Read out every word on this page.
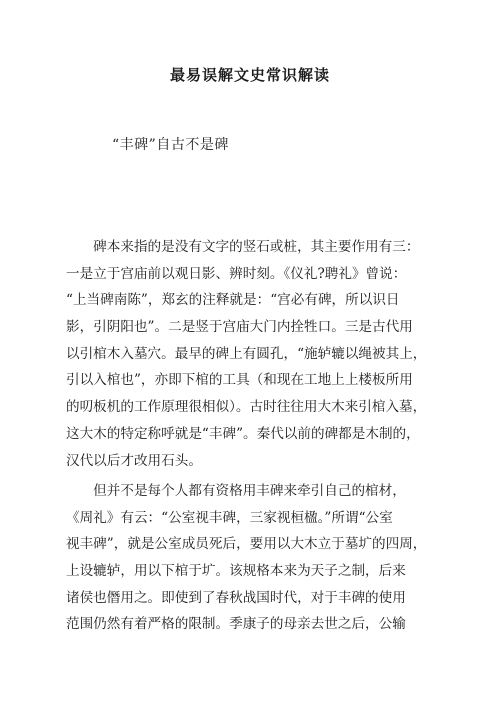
最易误解文史常识解读
“丰碑”自古不是碑
　　碑本来指的是没有文字的竖石或桩，其主要作用有三：
一是立于宫庙前以观日影、辨时刻。《仪礼?聘礼》曾说：
“上当碑南陈”，郑玄的注释就是：“宫必有碑，所以识日
影，引阴阳也”。二是竖于宫庙大门内拴牲口。三是古代用
以引棺木入墓穴。最早的碑上有圆孔，“施轳辘以绳被其上，
引以入棺也”，亦即下棺的工具（和现在工地上上楼板所用
的叨板机的工作原理很相似）。古时往往用大木来引棺入墓，
这大木的特定称呼就是“丰碑”。秦代以前的碑都是木制的，
汉代以后才改用石头。
　　但并不是每个人都有资格用丰碑来牵引自己的棺材，
《周礼》有云：“公室视丰碑，三家视桓楹。”所谓“公室
视丰碑”，就是公室成员死后，要用以大木立于墓圹的四周，
上设辘轳，用以下棺于圹。该规格本来为天子之制，后来
诸侯也僭用之。即使到了春秋战国时代，对于丰碑的使用
范围仍然有着严格的限制。季康子的母亲去世之后，公输
